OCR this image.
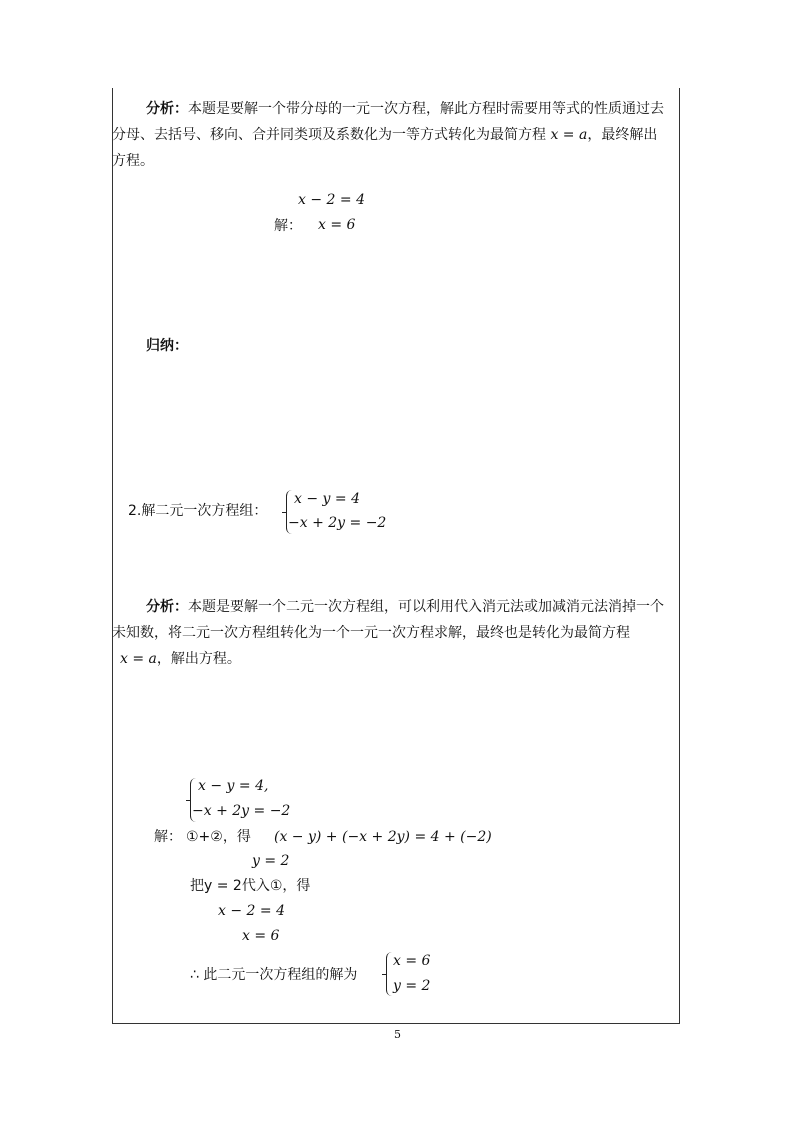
分析：本题是要解一个带分母的一元一次方程，解此方程时需要用等式的性质通过去
分母、去括号、移向、合并同类项及系数化为一等方式转化为最简方程 x = a，最终解出
方程。
x − 2 = 4
解： x = 6
归纳：
2.解二元一次方程组：
x − y = 4
−x + 2y = −2
分析：本题是要解一个二元一次方程组，可以利用代入消元法或加减消元法消掉一个
未知数，将二元一次方程组转化为一个一元一次方程求解，最终也是转化为最简方程
x = a，解出方程。
x − y = 4,
−x + 2y = −2
解： ①+②，得 (x − y) + (−x + 2y) = 4 + (−2)
y = 2
把y = 2代入①，得
x − 2 = 4
x = 6
∴ 此二元一次方程组的解为
x = 6
y = 2
5
